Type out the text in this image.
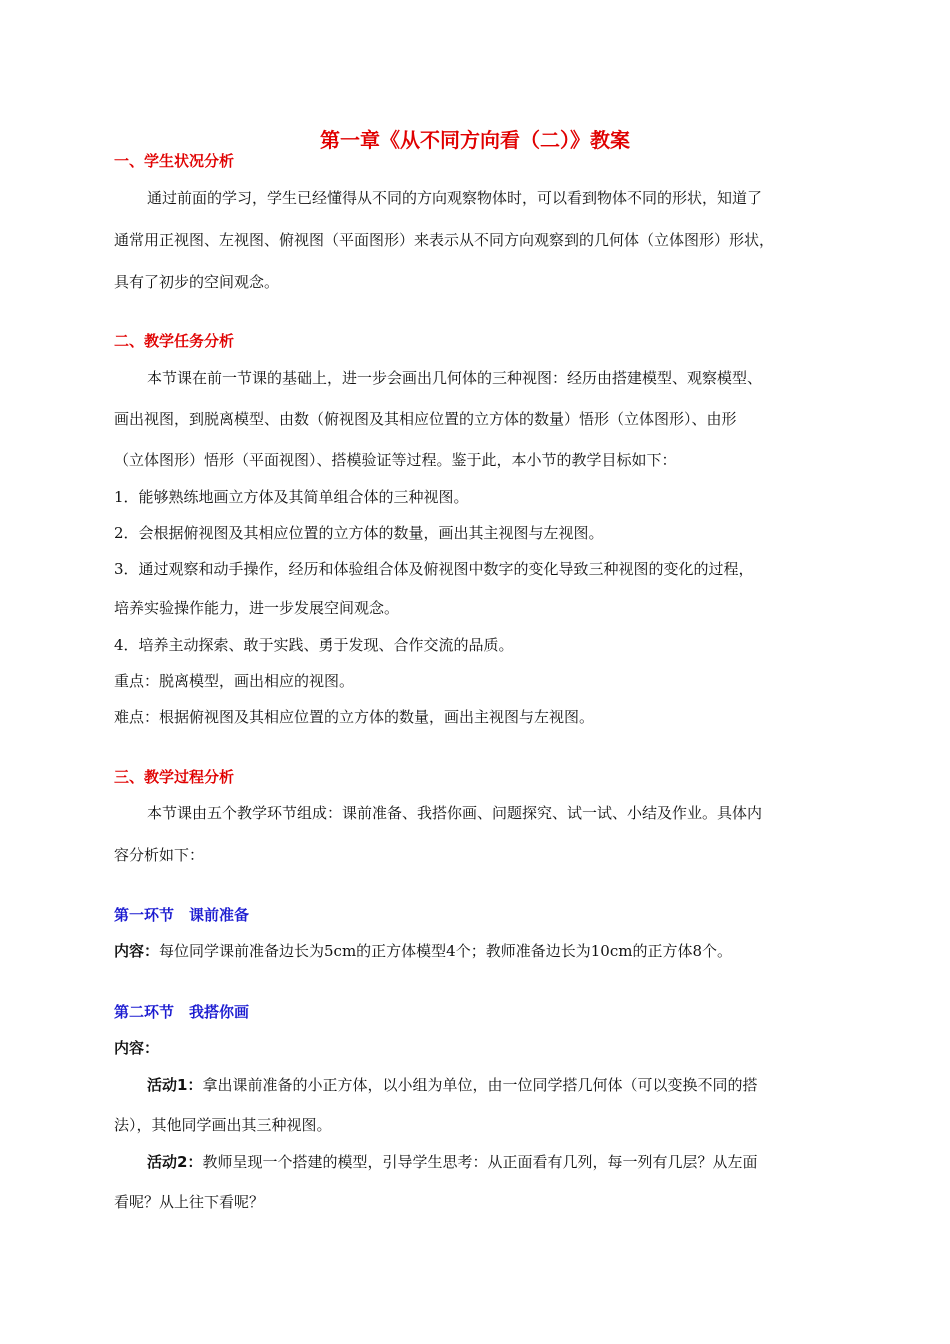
第一章《从不同方向看（二）》教案
一、学生状况分析
通过前面的学习，学生已经懂得从不同的方向观察物体时，可以看到物体不同的形状，知道了
通常用正视图、左视图、俯视图（平面图形）来表示从不同方向观察到的几何体（立体图形）形状，
具有了初步的空间观念。
二、教学任务分析
本节课在前一节课的基础上，进一步会画出几何体的三种视图：经历由搭建模型、观察模型、
画出视图，到脱离模型、由数（俯视图及其相应位置的立方体的数量）悟形（立体图形）、由形
（立体图形）悟形（平面视图）、搭模验证等过程。鉴于此，本小节的教学目标如下：
1．能够熟练地画立方体及其简单组合体的三种视图。
2．会根据俯视图及其相应位置的立方体的数量，画出其主视图与左视图。
3．通过观察和动手操作，经历和体验组合体及俯视图中数字的变化导致三种视图的变化的过程，
培养实验操作能力，进一步发展空间观念。
4．培养主动探索、敢于实践、勇于发现、合作交流的品质。
重点：脱离模型，画出相应的视图。
难点：根据俯视图及其相应位置的立方体的数量，画出主视图与左视图。
三、教学过程分析
本节课由五个教学环节组成：课前准备、我搭你画、问题探究、试一试、小结及作业。具体内
容分析如下：
第一环节　课前准备
内容：每位同学课前准备边长为5cm的正方体模型4个；教师准备边长为10cm的正方体8个。
第二环节　我搭你画
内容：
活动1：拿出课前准备的小正方体，以小组为单位，由一位同学搭几何体（可以变换不同的搭
法），其他同学画出其三种视图。
活动2：教师呈现一个搭建的模型，引导学生思考：从正面看有几列，每一列有几层？从左面
看呢？从上往下看呢？
